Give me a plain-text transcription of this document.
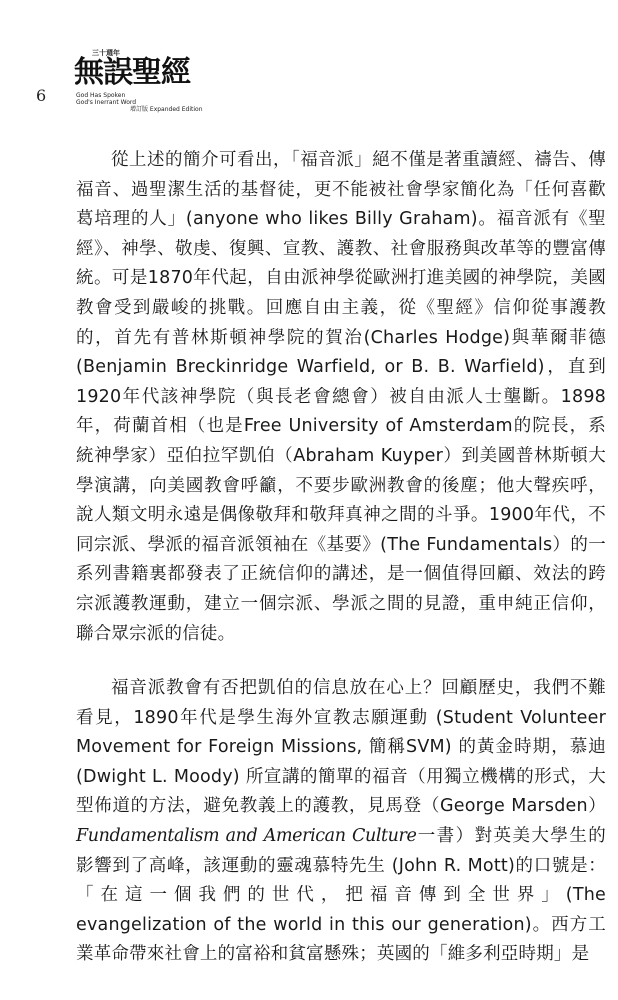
6
三十週年
無誤聖經
God Has Spoken
God's Inerrant Word
增訂版 Expanded Edition

從上述的簡介可看出，「福音派」絕不僅是著重讀經、禱告、傳福音、過聖潔生活的基督徒，更不能被社會學家簡化為「任何喜歡葛培理的人」(anyone who likes Billy Graham)。福音派有《聖經》、神學、敬虔、復興、宣教、護教、社會服務與改革等的豐富傳統。可是1870年代起，自由派神學從歐洲打進美國的神學院，美國教會受到嚴峻的挑戰。回應自由主義，從《聖經》信仰從事護教的，首先有普林斯頓神學院的賀治(Charles Hodge)與華爾菲德(Benjamin Breckinridge Warfield, or B. B. Warfield)，直到1920年代該神學院（與長老會總會）被自由派人士壟斷。1898年，荷蘭首相（也是Free University of Amsterdam的院長，系統神學家）亞伯拉罕凱伯（Abraham Kuyper）到美國普林斯頓大學演講，向美國教會呼籲，不要步歐洲教會的後塵；他大聲疾呼，說人類文明永遠是偶像敬拜和敬拜真神之間的斗爭。1900年代，不同宗派、學派的福音派領袖在《基要》(The Fundamentals）的一系列書籍裏都發表了正統信仰的講述，是一個值得回顧、效法的跨宗派護教運動，建立一個宗派、學派之間的見證，重申純正信仰，聯合眾宗派的信徒。

福音派教會有否把凱伯的信息放在心上？回顧歷史，我們不難看見，1890年代是學生海外宣教志願運動 (Student Volunteer Movement for Foreign Missions, 簡稱SVM) 的黃金時期，慕迪 (Dwight L. Moody) 所宣講的簡單的福音（用獨立機構的形式，大型佈道的方法，避免教義上的護教，見馬登（George Marsden）Fundamentalism and American Culture一書）對英美大學生的影響到了高峰，該運動的靈魂慕特先生 (John R. Mott)的口號是：「在這一個我們的世代，把福音傳到全世界」(The evangelization of the world in this our generation)。西方工業革命帶來社會上的富裕和貧富懸殊；英國的「維多利亞時期」是
